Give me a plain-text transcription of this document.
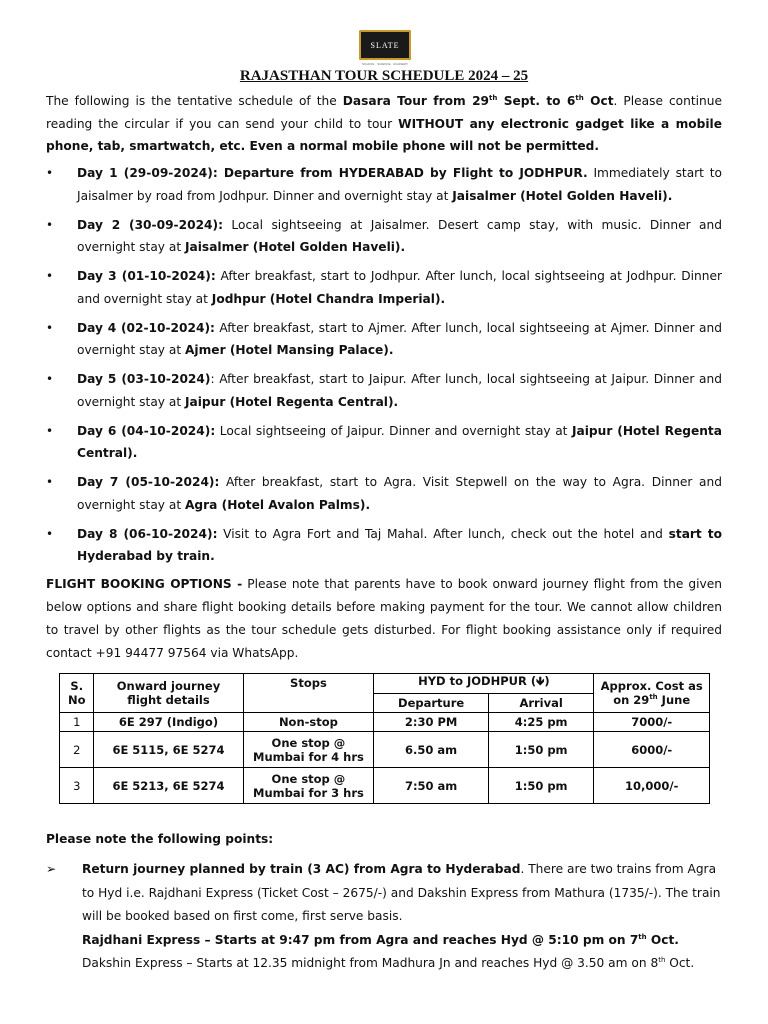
SLATE
SCHOOL · SCIENCE · ACADEMY
RAJASTHAN TOUR SCHEDULE 2024 – 25
The following is the tentative schedule of the Dasara Tour from 29th Sept. to 6th Oct. Please continue reading the circular if you can send your child to tour WITHOUT any electronic gadget like a mobile phone, tab, smartwatch, etc. Even a normal mobile phone will not be permitted.
• Day 1 (29-09-2024): Departure from HYDERABAD by Flight to JODHPUR. Immediately start to Jaisalmer by road from Jodhpur. Dinner and overnight stay at Jaisalmer (Hotel Golden Haveli).
• Day 2 (30-09-2024): Local sightseeing at Jaisalmer. Desert camp stay, with music. Dinner and overnight stay at Jaisalmer (Hotel Golden Haveli).
• Day 3 (01-10-2024): After breakfast, start to Jodhpur. After lunch, local sightseeing at Jodhpur. Dinner and overnight stay at Jodhpur (Hotel Chandra Imperial).
• Day 4 (02-10-2024): After breakfast, start to Ajmer. After lunch, local sightseeing at Ajmer. Dinner and overnight stay at Ajmer (Hotel Mansing Palace).
• Day 5 (03-10-2024): After breakfast, start to Jaipur. After lunch, local sightseeing at Jaipur. Dinner and overnight stay at Jaipur (Hotel Regenta Central).
• Day 6 (04-10-2024): Local sightseeing of Jaipur. Dinner and overnight stay at Jaipur (Hotel Regenta Central).
• Day 7 (05-10-2024): After breakfast, start to Agra. Visit Stepwell on the way to Agra. Dinner and overnight stay at Agra (Hotel Avalon Palms).
• Day 8 (06-10-2024): Visit to Agra Fort and Taj Mahal. After lunch, check out the hotel and start to Hyderabad by train.
FLIGHT BOOKING OPTIONS - Please note that parents have to book onward journey flight from the given below options and share flight booking details before making payment for the tour. We cannot allow children to travel by other flights as the tour schedule gets disturbed. For flight booking assistance only if required contact +91 94477 97564 via WhatsApp.
S. No	Onward journey flight details	Stops	HYD to JODHPUR (🡻)		Approx. Cost as on 29th June
			Departure	Arrival	
1	6E 297 (Indigo)	Non-stop	2:30 PM	4:25 pm	7000/-
2	6E 5115, 6E 5274	One stop @ Mumbai for 4 hrs	6.50 am	1:50 pm	6000/-
3	6E 5213, 6E 5274	One stop @ Mumbai for 3 hrs	7:50 am	1:50 pm	10,000/-
Please note the following points:
➢ Return journey planned by train (3 AC) from Agra to Hyderabad. There are two trains from Agra to Hyd i.e. Rajdhani Express (Ticket Cost – 2675/-) and Dakshin Express from Mathura (1735/-). The train will be booked based on first come, first serve basis.
Rajdhani Express – Starts at 9:47 pm from Agra and reaches Hyd @ 5:10 pm on 7th Oct.
Dakshin Express – Starts at 12.35 midnight from Madhura Jn and reaches Hyd @ 3.50 am on 8th Oct.
